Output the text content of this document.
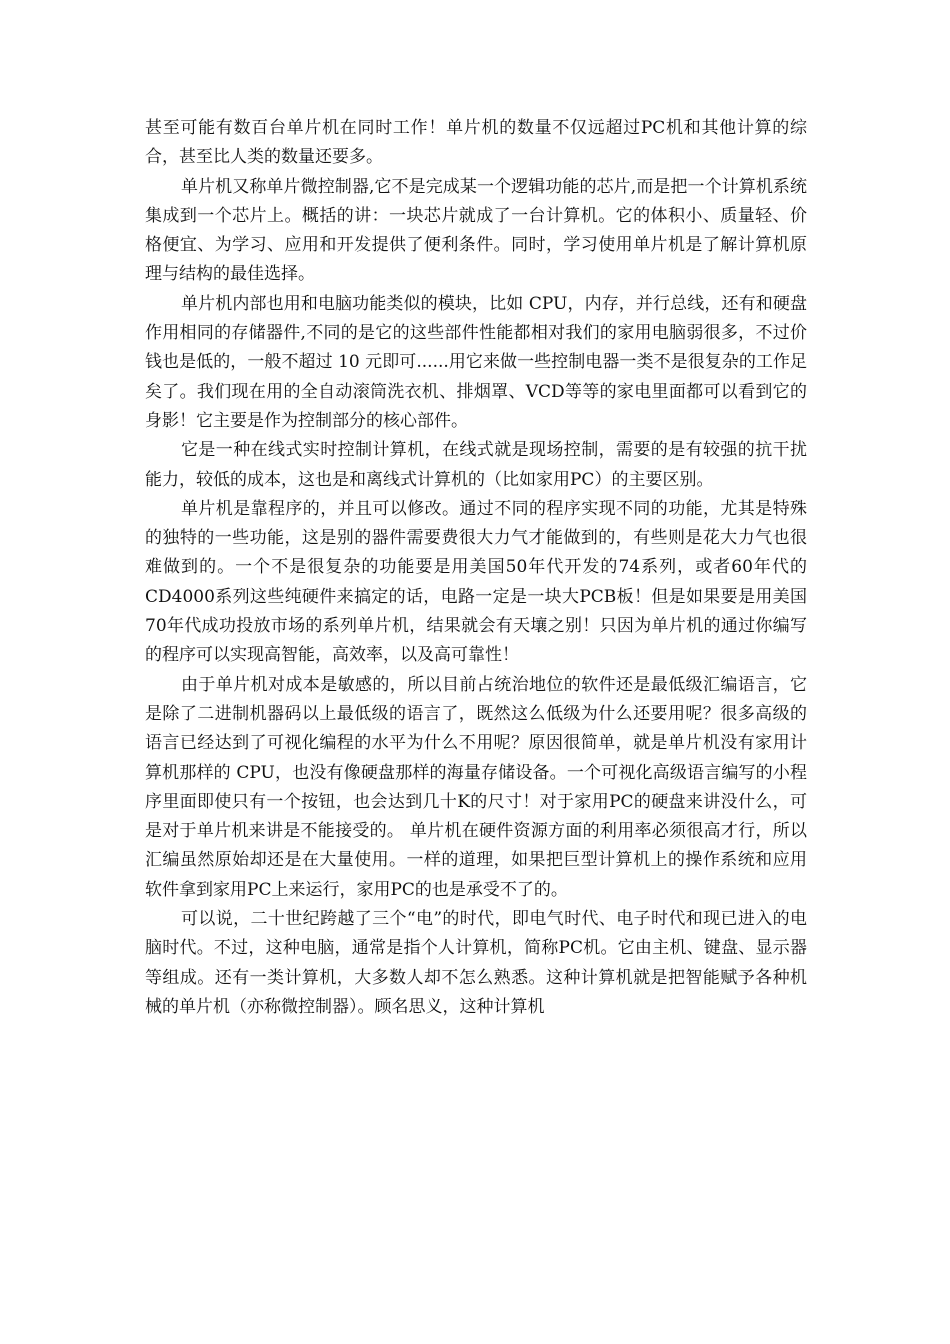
甚至可能有数百台单片机在同时工作！单片机的数量不仅远超过PC机和其他计算的综合，甚至比人类的数量还要多。

单片机又称单片微控制器,它不是完成某一个逻辑功能的芯片,而是把一个计算机系统集成到一个芯片上。概括的讲：一块芯片就成了一台计算机。它的体积小、质量轻、价格便宜、为学习、应用和开发提供了便利条件。同时，学习使用单片机是了解计算机原理与结构的最佳选择。

单片机内部也用和电脑功能类似的模块，比如 CPU，内存，并行总线，还有和硬盘作用相同的存储器件,不同的是它的这些部件性能都相对我们的家用电脑弱很多，不过价钱也是低的，一般不超过 10 元即可......用它来做一些控制电器一类不是很复杂的工作足矣了。我们现在用的全自动滚筒洗衣机、排烟罩、VCD等等的家电里面都可以看到它的身影！它主要是作为控制部分的核心部件。

它是一种在线式实时控制计算机，在线式就是现场控制，需要的是有较强的抗干扰能力，较低的成本，这也是和离线式计算机的（比如家用PC）的主要区别。

单片机是靠程序的，并且可以修改。通过不同的程序实现不同的功能，尤其是特殊的独特的一些功能，这是别的器件需要费很大力气才能做到的，有些则是花大力气也很难做到的。一个不是很复杂的功能要是用美国50年代开发的74系列，或者60年代的CD4000系列这些纯硬件来搞定的话，电路一定是一块大PCB板！但是如果要是用美国70年代成功投放市场的系列单片机，结果就会有天壤之别！只因为单片机的通过你编写的程序可以实现高智能，高效率，以及高可靠性！

由于单片机对成本是敏感的，所以目前占统治地位的软件还是最低级汇编语言，它是除了二进制机器码以上最低级的语言了，既然这么低级为什么还要用呢？很多高级的语言已经达到了可视化编程的水平为什么不用呢？原因很简单，就是单片机没有家用计算机那样的 CPU，也没有像硬盘那样的海量存储设备。一个可视化高级语言编写的小程序里面即使只有一个按钮，也会达到几十K的尺寸！对于家用PC的硬盘来讲没什么，可是对于单片机来讲是不能接受的。 单片机在硬件资源方面的利用率必须很高才行，所以汇编虽然原始却还是在大量使用。一样的道理，如果把巨型计算机上的操作系统和应用软件拿到家用PC上来运行，家用PC的也是承受不了的。

可以说，二十世纪跨越了三个“电”的时代，即电气时代、电子时代和现已进入的电脑时代。不过，这种电脑，通常是指个人计算机，简称PC机。它由主机、键盘、显示器等组成。还有一类计算机，大多数人却不怎么熟悉。这种计算机就是把智能赋予各种机械的单片机（亦称微控制器）。顾名思义，这种计算机
